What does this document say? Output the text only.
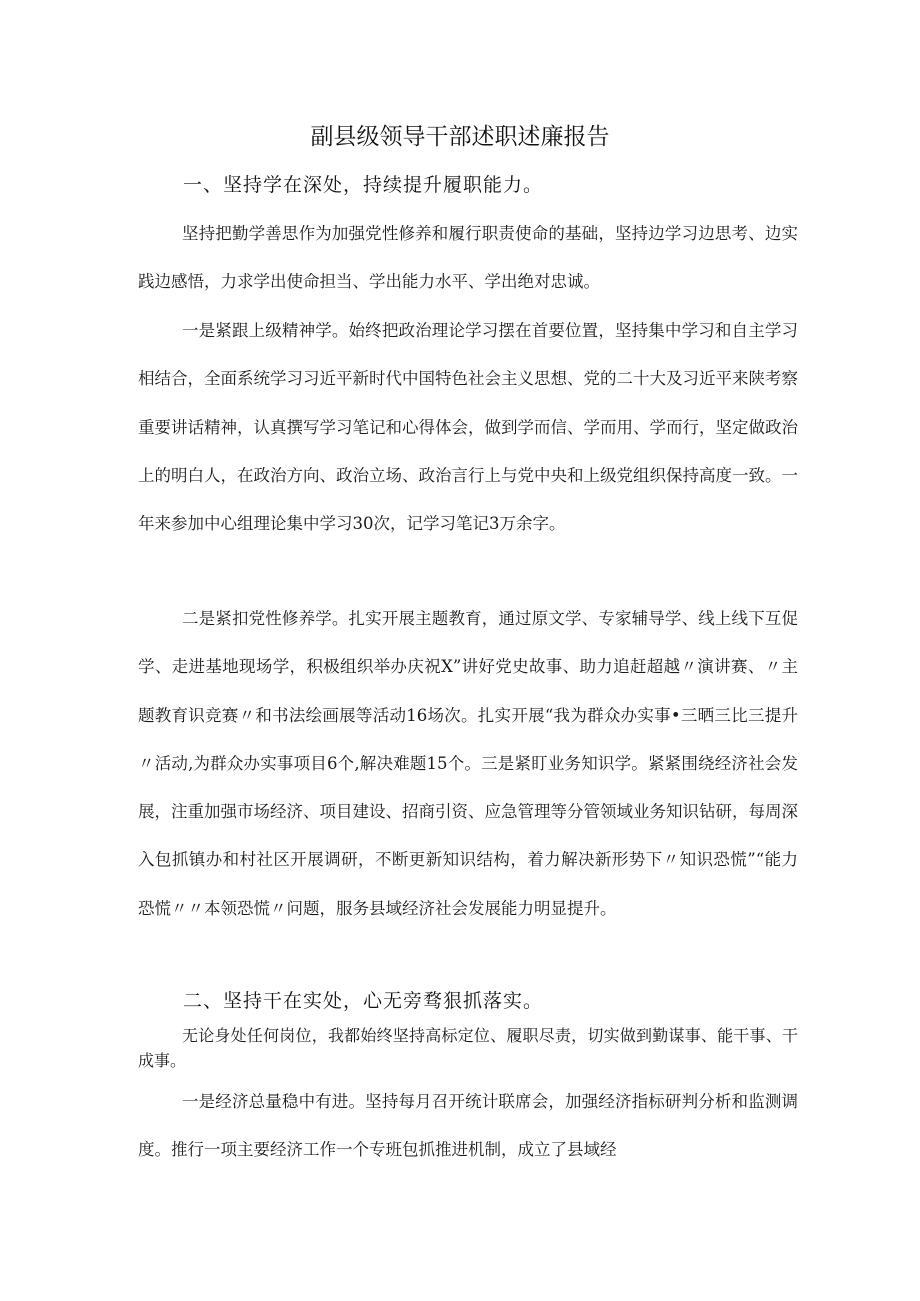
副县级领导干部述职述廉报告
一、坚持学在深处，持续提升履职能力。
坚持把勤学善思作为加强党性修养和履行职责使命的基础，坚持边学习边思考、边实践边感悟，力求学出使命担当、学出能力水平、学出绝对忠诚。
一是紧跟上级精神学。始终把政治理论学习摆在首要位置，坚持集中学习和自主学习相结合，全面系统学习习近平新时代中国特色社会主义思想、党的二十大及习近平来陕考察重要讲话精神，认真撰写学习笔记和心得体会，做到学而信、学而用、学而行，坚定做政治上的明白人，在政治方向、政治立场、政治言行上与党中央和上级党组织保持高度一致。一年来参加中心组理论集中学习30次，记学习笔记3万余字。
二是紧扣党性修养学。扎实开展主题教育，通过原文学、专家辅导学、线上线下互促学、走进基地现场学，积极组织举办庆祝X”讲好党史故事、助力追赶超越〃演讲赛、〃主题教育识竞赛〃和书法绘画展等活动16场次。扎实开展“我为群众办实事•三晒三比三提升〃活动,为群众办实事项目6个,解决难题15个。三是紧盯业务知识学。紧紧围绕经济社会发展，注重加强市场经济、项目建设、招商引资、应急管理等分管领域业务知识钻研，每周深入包抓镇办和村社区开展调研，不断更新知识结构，着力解决新形势下〃知识恐慌”“能力恐慌〃〃本领恐慌〃问题，服务县域经济社会发展能力明显提升。
二、坚持干在实处，心无旁骛狠抓落实。
无论身处任何岗位，我都始终坚持高标定位、履职尽责，切实做到勤谋事、能干事、干成事。
一是经济总量稳中有进。坚持每月召开统计联席会，加强经济指标研判分析和监测调度。推行一项主要经济工作一个专班包抓推进机制，成立了县域经
